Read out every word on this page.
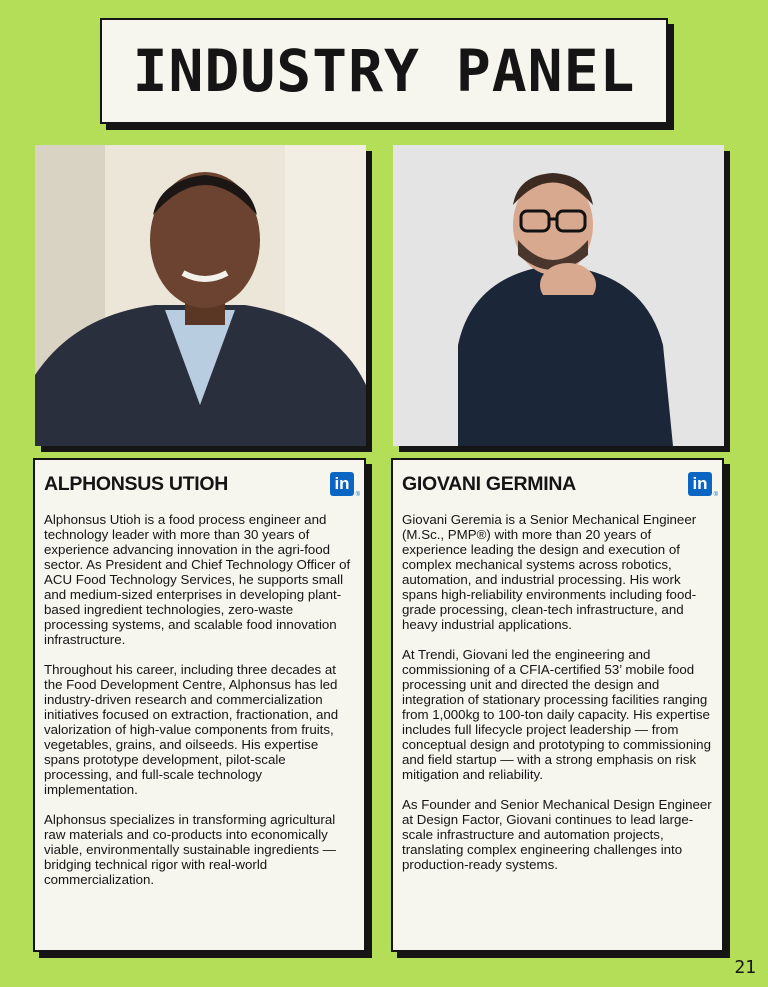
INDUSTRY PANEL
ALPHONSUS UTIOH	in ®

Alphonsus Utioh is a food process engineer and technology leader with more than 30 years of experience advancing innovation in the agri-food sector. As President and Chief Technology Officer of ACU Food Technology Services, he supports small and medium-sized enterprises in developing plant-based ingredient technologies, zero-waste processing systems, and scalable food innovation infrastructure.

Throughout his career, including three decades at the Food Development Centre, Alphonsus has led industry-driven research and commercialization initiatives focused on extraction, fractionation, and valorization of high-value components from fruits, vegetables, grains, and oilseeds. His expertise spans prototype development, pilot-scale processing, and full-scale technology implementation.

Alphonsus specializes in transforming agricultural raw materials and co-products into economically viable, environmentally sustainable ingredients — bridging technical rigor with real-world commercialization.

GIOVANI GERMINA	in ®

Giovani Geremia is a Senior Mechanical Engineer (M.Sc., PMP®) with more than 20 years of experience leading the design and execution of complex mechanical systems across robotics, automation, and industrial processing. His work spans high-reliability environments including food-grade processing, clean-tech infrastructure, and heavy industrial applications.

At Trendi, Giovani led the engineering and commissioning of a CFIA-certified 53’ mobile food processing unit and directed the design and integration of stationary processing facilities ranging from 1,000kg to 100-ton daily capacity. His expertise includes full lifecycle project leadership — from conceptual design and prototyping to commissioning and field startup — with a strong emphasis on risk mitigation and reliability.

As Founder and Senior Mechanical Design Engineer at Design Factor, Giovani continues to lead large-scale infrastructure and automation projects, translating complex engineering challenges into production-ready systems.

21
